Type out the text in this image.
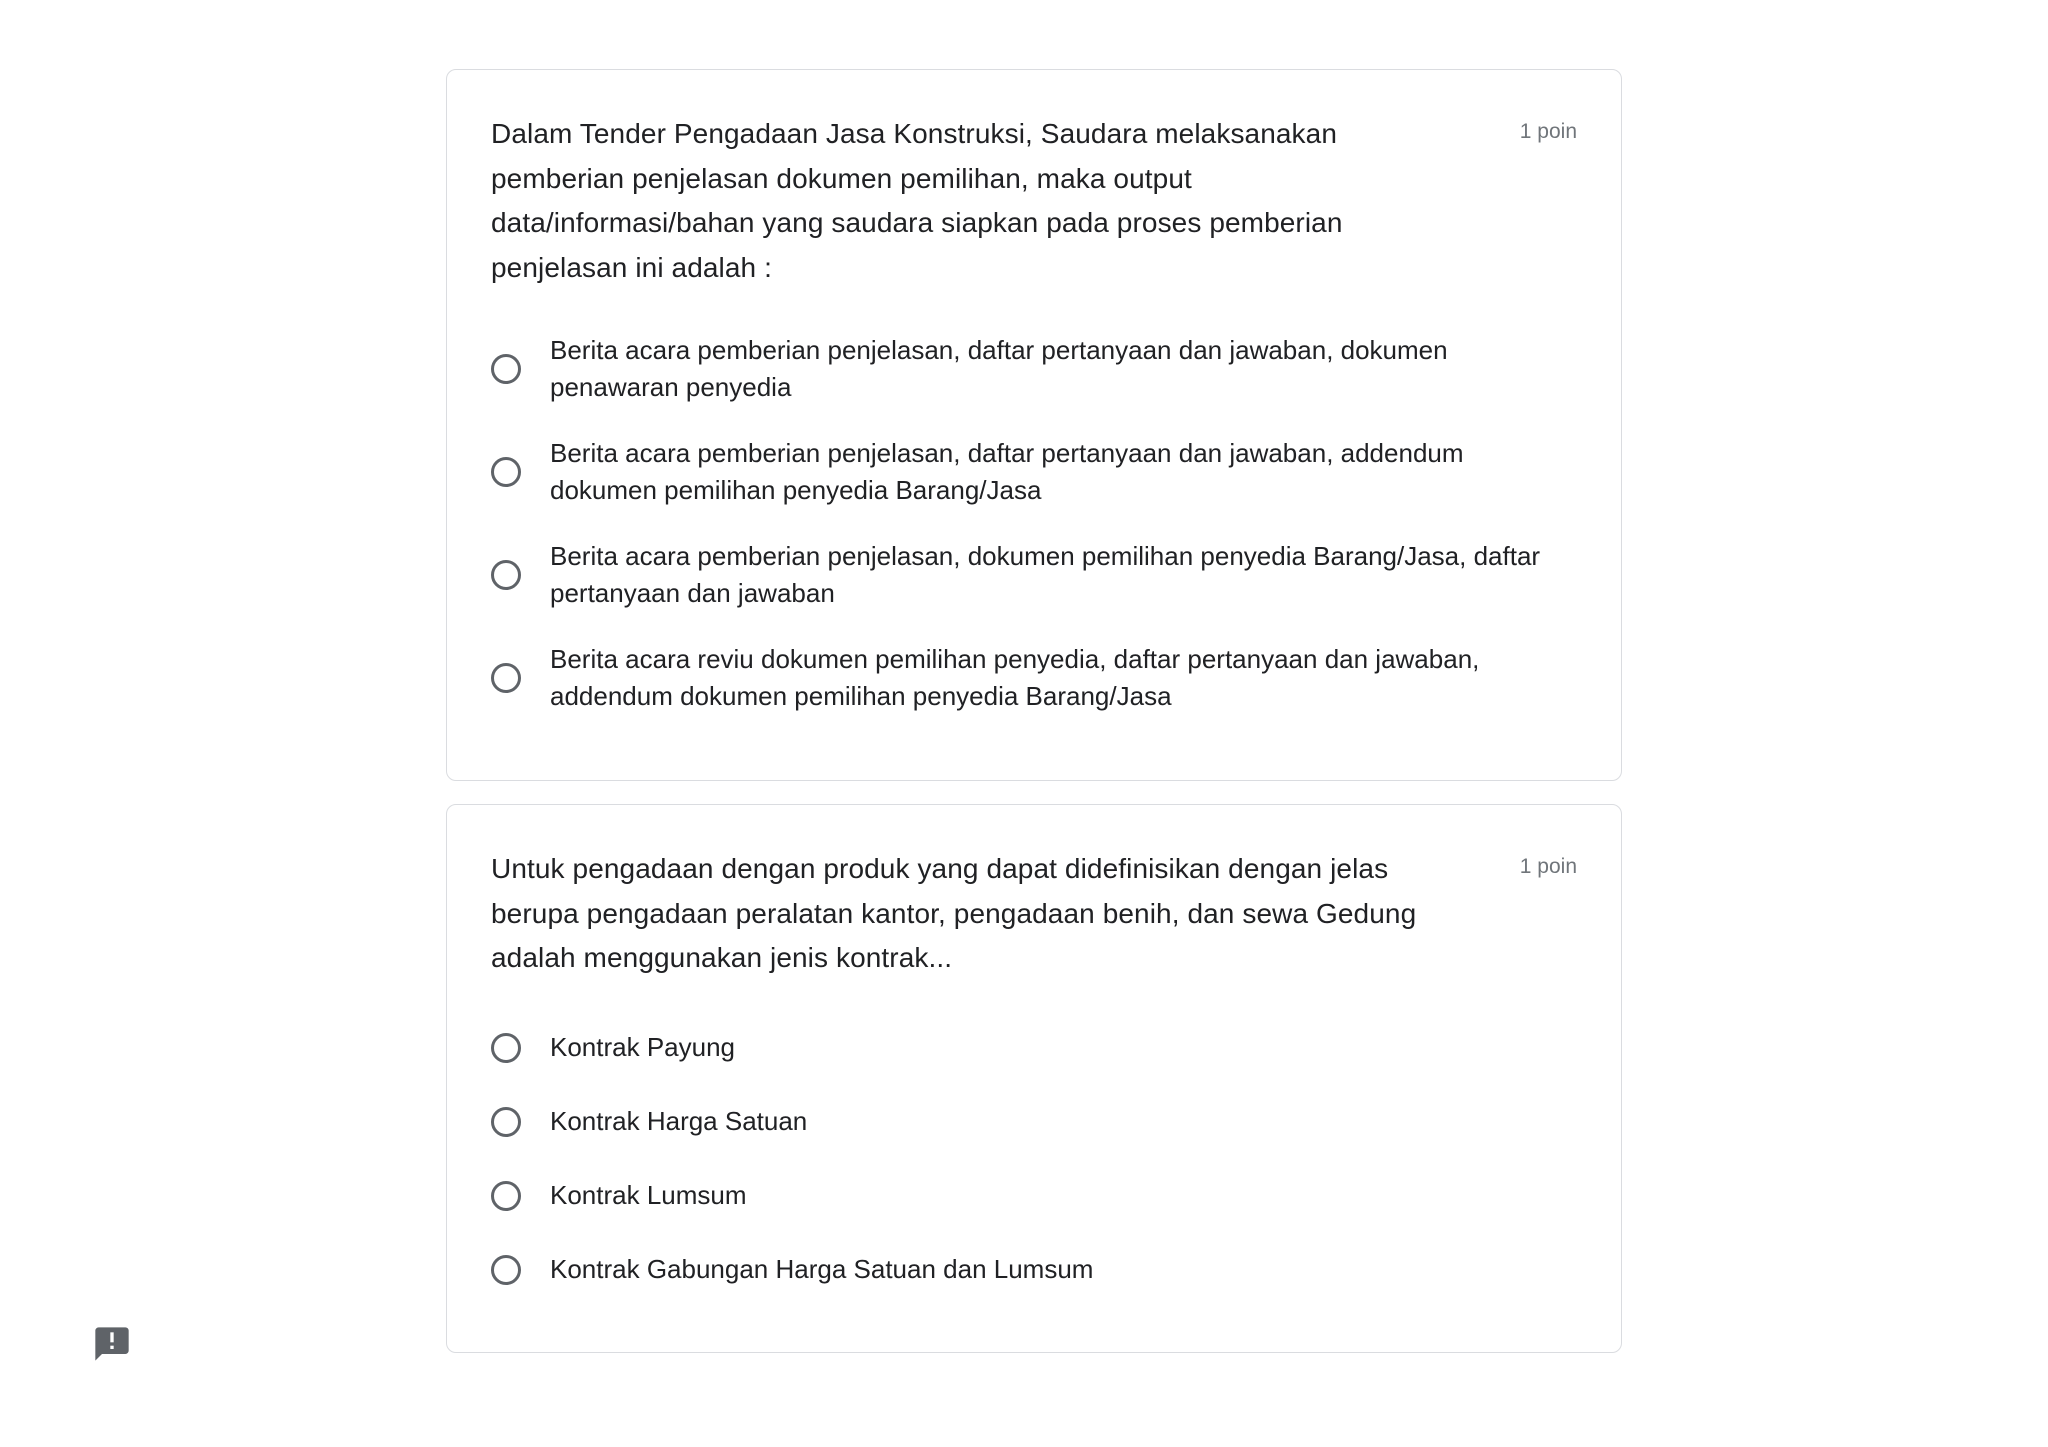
Dalam Tender Pengadaan Jasa Konstruksi, Saudara melaksanakan pemberian penjelasan dokumen pemilihan, maka output data/informasi/bahan yang saudara siapkan pada proses pemberian penjelasan ini adalah :
1 poin
Berita acara pemberian penjelasan, daftar pertanyaan dan jawaban, dokumen penawaran penyedia
Berita acara pemberian penjelasan, daftar pertanyaan dan jawaban, addendum dokumen pemilihan penyedia Barang/Jasa
Berita acara pemberian penjelasan, dokumen pemilihan penyedia Barang/Jasa, daftar pertanyaan dan jawaban
Berita acara reviu dokumen pemilihan penyedia, daftar pertanyaan dan jawaban, addendum dokumen pemilihan penyedia Barang/Jasa
Untuk pengadaan dengan produk yang dapat didefinisikan dengan jelas berupa pengadaan peralatan kantor, pengadaan benih, dan sewa Gedung adalah menggunakan jenis kontrak...
1 poin
Kontrak Payung
Kontrak Harga Satuan
Kontrak Lumsum
Kontrak Gabungan Harga Satuan dan Lumsum
